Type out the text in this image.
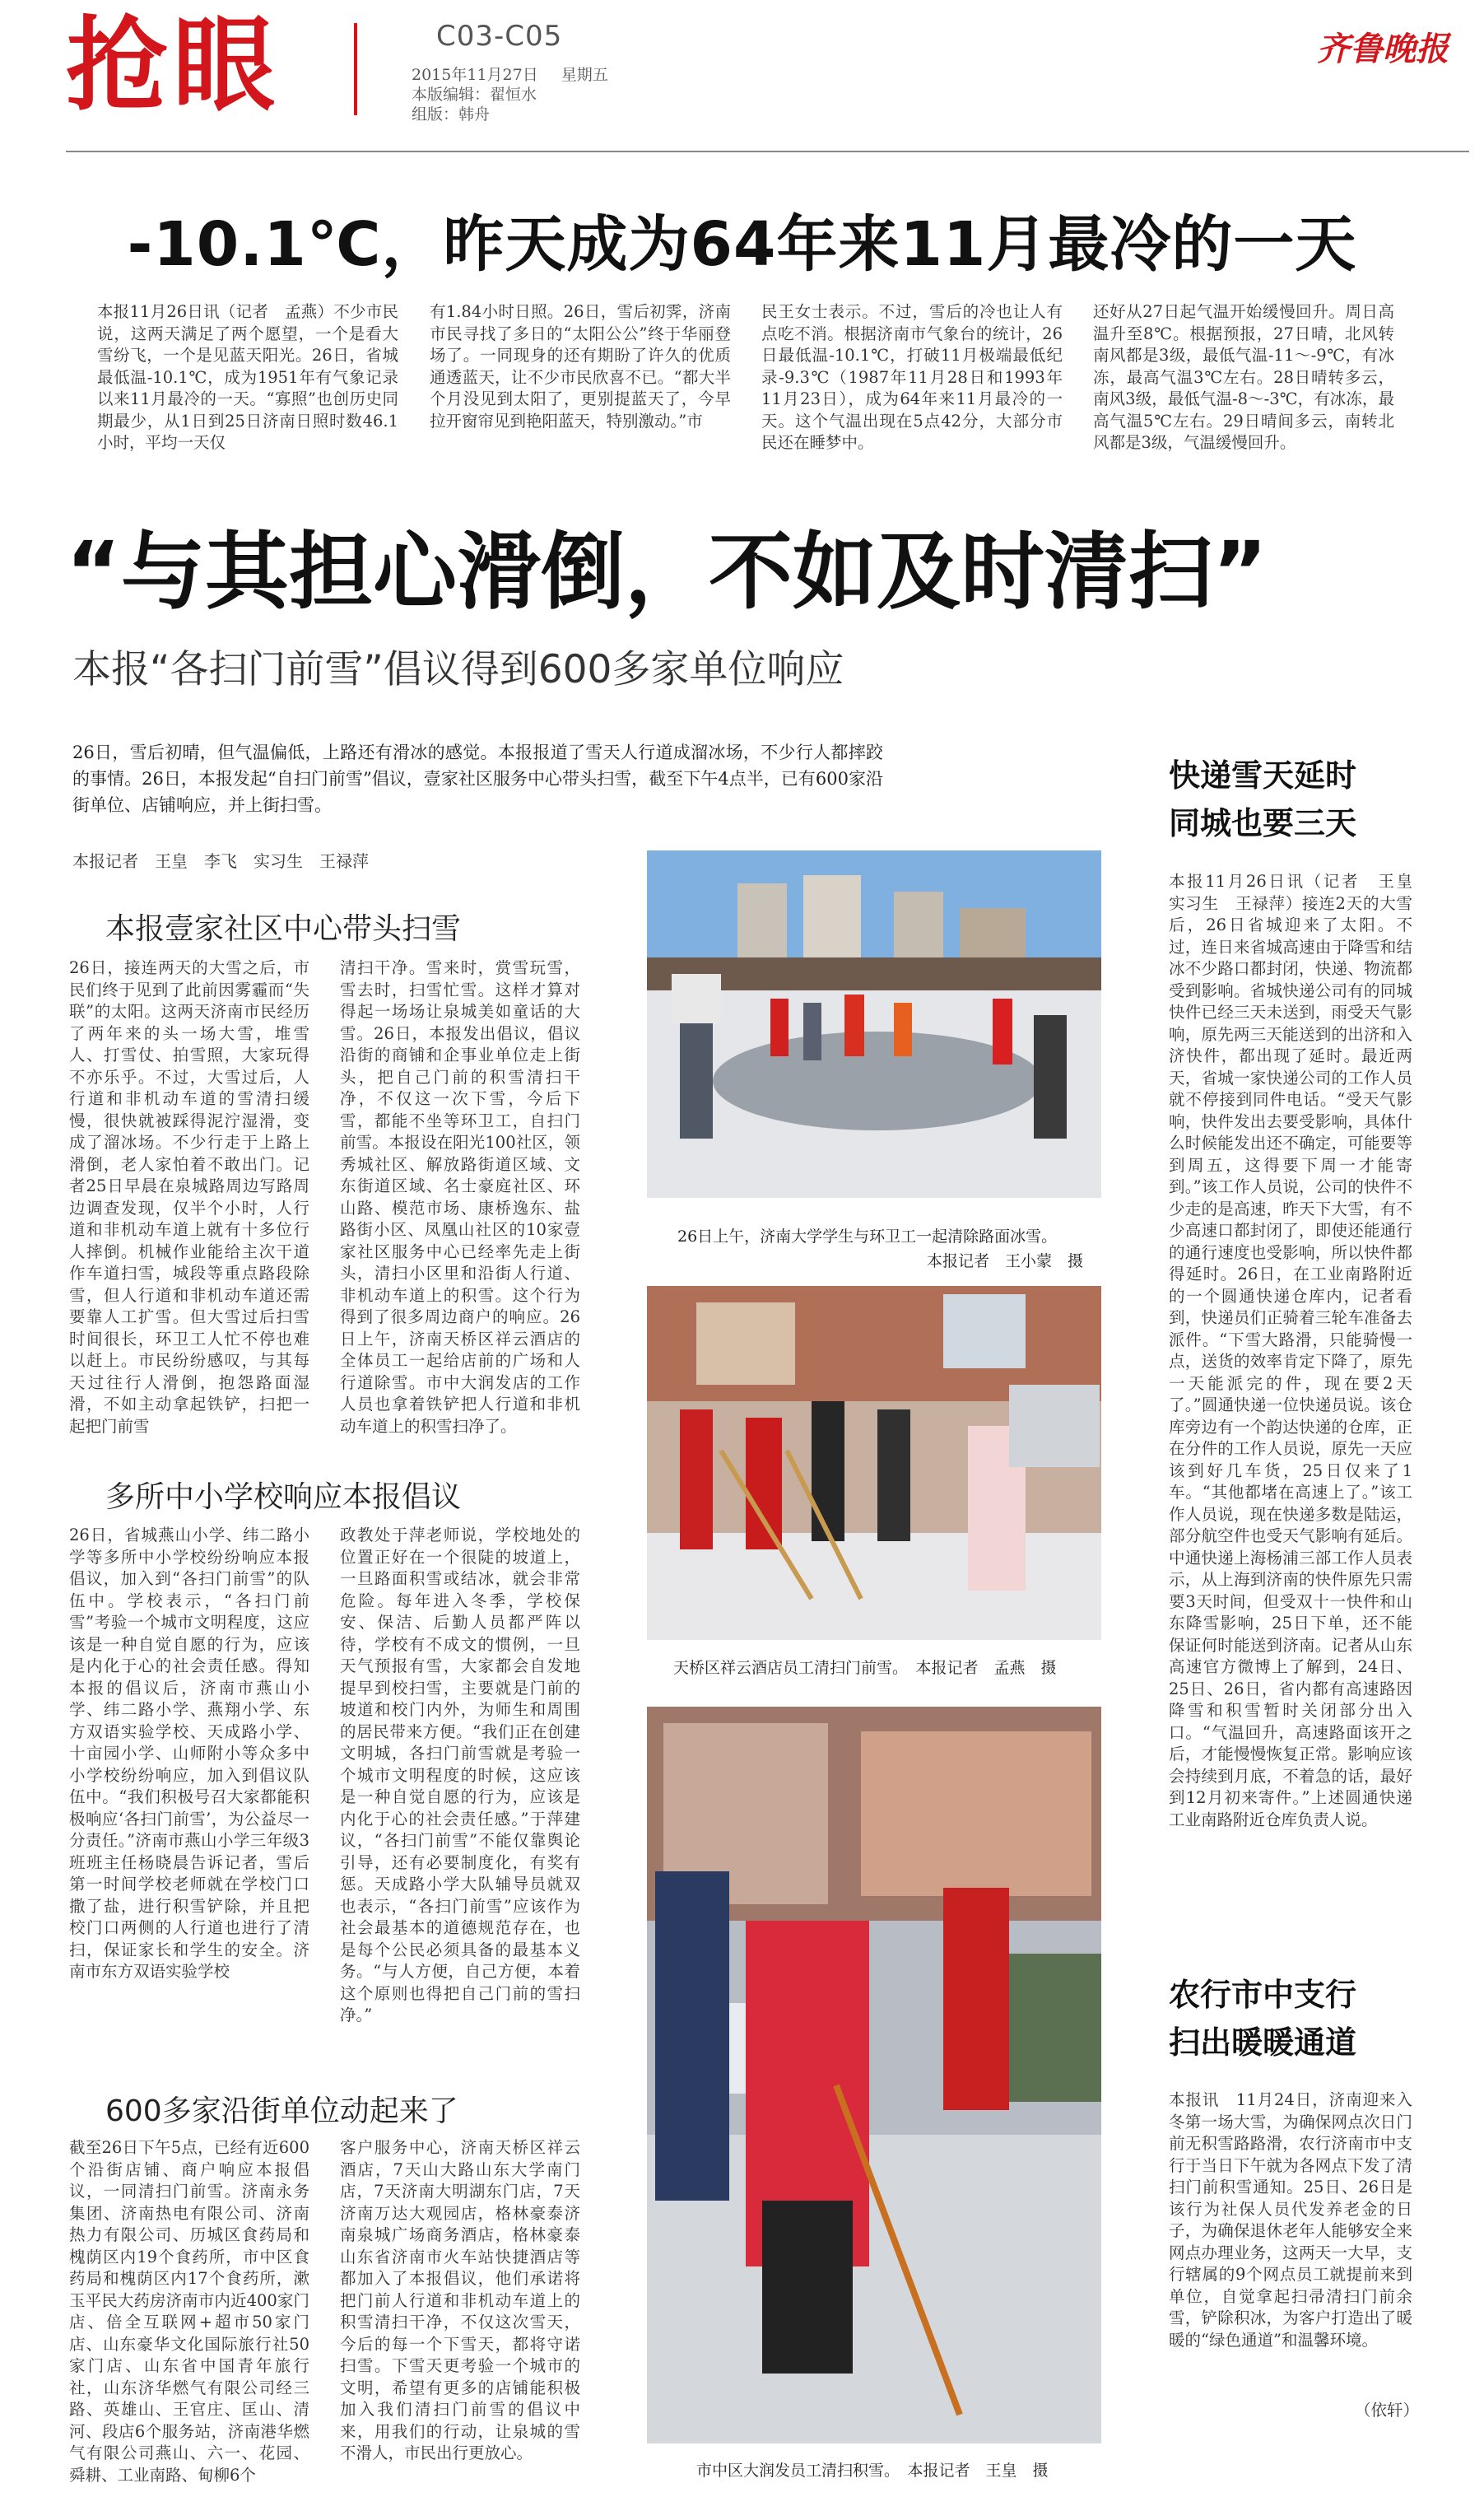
抢眼	C03-C05
2015年11月27日 星期五
本版编辑：翟恒水
组版：韩舟
齐鲁晚报
-10.1℃，昨天成为64年来11月最冷的一天
本报11月26日讯（记者　孟燕）不少市民说，这两天满足了两个愿望，一个是看大雪纷飞，一个是见蓝天阳光。26日，省城最低温-10.1℃，成为1951年有气象记录以来11月最冷的一天。“寡照”也创历史同期最少，从1日到25日济南日照时数46.1小时，平均一天仅
有1.84小时日照。26日，雪后初霁，济南市民寻找了多日的“太阳公公”终于华丽登场了。一同现身的还有期盼了许久的优质通透蓝天，让不少市民欣喜不已。“都大半个月没见到太阳了，更别提蓝天了，今早拉开窗帘见到艳阳蓝天，特别激动。”市
民王女士表示。不过，雪后的冷也让人有点吃不消。根据济南市气象台的统计，26日最低温-10.1℃，打破11月极端最低纪录-9.3℃（1987年11月28日和1993年11月23日），成为64年来11月最冷的一天。这个气温出现在5点42分，大部分市民还在睡梦中。
还好从27日起气温开始缓慢回升。周日高温升至8℃。根据预报，27日晴，北风转南风都是3级，最低气温-11～-9℃，有冰冻，最高气温3℃左右。28日晴转多云，南风3级，最低气温-8～-3℃，有冰冻，最高气温5℃左右。29日晴间多云，南转北风都是3级，气温缓慢回升。
“与其担心滑倒，不如及时清扫”
本报“各扫门前雪”倡议得到600多家单位响应
26日，雪后初晴，但气温偏低，上路还有滑冰的感觉。本报报道了雪天人行道成溜冰场，不少行人都摔跤的事情。26日，本报发起“自扫门前雪”倡议，壹家社区服务中心带头扫雪，截至下午4点半，已有600家沿街单位、店铺响应，并上街扫雪。
本报记者　王皇　李飞　实习生　王禄萍
本报壹家社区中心带头扫雪
26日，接连两天的大雪之后，市民们终于见到了此前因雾霾而“失联”的太阳。这两天济南市民经历了两年来的头一场大雪，堆雪人、打雪仗、拍雪照，大家玩得不亦乐乎。不过，大雪过后，人行道和非机动车道的雪清扫缓慢，很快就被踩得泥泞湿滑，变成了溜冰场。不少行走于上路上滑倒，老人家怕着不敢出门。记者25日早晨在泉城路周边写路周边调查发现，仅半个小时，人行道和非机动车道上就有十多位行人摔倒。机械作业能给主次干道作车道扫雪，城段等重点路段除雪，但人行道和非机动车道还需要靠人工扩雪。但大雪过后扫雪时间很长，环卫工人忙不停也难以赶上。市民纷纷感叹，与其每天过往行人滑倒，抱怨路面湿滑，不如主动拿起铁铲，扫把一起把门前雪
清扫干净。雪来时，赏雪玩雪，雪去时，扫雪忙雪。这样才算对得起一场场让泉城美如童话的大雪。26日，本报发出倡议，倡议沿街的商铺和企事业单位走上街头，把自己门前的积雪清扫干净，不仅这一次下雪，今后下雪，都能不坐等环卫工，自扫门前雪。本报设在阳光100社区，领秀城社区、解放路街道区域、文东街道区域、名士豪庭社区、环山路、模范市场、康桥逸东、盐路街小区、凤凰山社区的10家壹家社区服务中心已经率先走上街头，清扫小区里和沿街人行道、非机动车道上的积雪。这个行为得到了很多周边商户的响应。26日上午，济南天桥区祥云酒店的全体员工一起给店前的广场和人行道除雪。市中大润发店的工作人员也拿着铁铲把人行道和非机动车道上的积雪扫净了。
多所中小学校响应本报倡议
26日，省城燕山小学、纬二路小学等多所中小学校纷纷响应本报倡议，加入到“各扫门前雪”的队伍中。学校表示，“各扫门前雪”考验一个城市文明程度，这应该是一种自觉自愿的行为，应该是内化于心的社会责任感。得知本报的倡议后，济南市燕山小学、纬二路小学、燕翔小学、东方双语实验学校、天成路小学、十亩园小学、山师附小等众多中小学校纷纷响应，加入到倡议队伍中。“我们积极号召大家都能积极响应‘各扫门前雪’，为公益尽一分责任。”济南市燕山小学三年级3班班主任杨晓晨告诉记者，雪后第一时间学校老师就在学校门口撒了盐，进行积雪铲除，并且把校门口两侧的人行道也进行了清扫，保证家长和学生的安全。济南市东方双语实验学校
政教处于萍老师说，学校地处的位置正好在一个很陡的坡道上，一旦路面积雪或结冰，就会非常危险。每年进入冬季，学校保安、保洁、后勤人员都严阵以待，学校有不成文的惯例，一旦天气预报有雪，大家都会自发地提早到校扫雪，主要就是门前的坡道和校门内外，为师生和周围的居民带来方便。“我们正在创建文明城，各扫门前雪就是考验一个城市文明程度的时候，这应该是一种自觉自愿的行为，应该是内化于心的社会责任感。”于萍建议，“各扫门前雪”不能仅靠舆论引导，还有必要制度化，有奖有惩。天成路小学大队辅导员就双也表示，“各扫门前雪”应该作为社会最基本的道德规范存在，也是每个公民必须具备的最基本义务。“与人方便，自己方便，本着这个原则也得把自己门前的雪扫净。”
600多家沿街单位动起来了
截至26日下午5点，已经有近600个沿街店铺、商户响应本报倡议，一同清扫门前雪。济南永务集团、济南热电有限公司、济南热力有限公司、历城区食药局和槐荫区内19个食药所，市中区食药局和槐荫区内17个食药所，漱玉平民大药房济南市内近400家门店、倍全互联网+超市50家门店、山东豪华文化国际旅行社50家门店、山东省中国青年旅行社，山东济华燃气有限公司经三路、英雄山、王官庄、匡山、清河、段店6个服务站，济南港华燃气有限公司燕山、六一、花园、舜耕、工业南路、甸柳6个
客户服务中心，济南天桥区祥云酒店，7天山大路山东大学南门店，7天济南大明湖东门店，7天济南万达大观园店，格林豪泰济南泉城广场商务酒店，格林豪泰山东省济南市火车站快捷酒店等都加入了本报倡议，他们承诺将把门前人行道和非机动车道上的积雪清扫干净，不仅这次雪天，今后的每一个下雪天，都将守诺扫雪。下雪天更考验一个城市的文明，希望有更多的店铺能积极加入我们清扫门前雪的倡议中来，用我们的行动，让泉城的雪不滑人，市民出行更放心。
26日上午，济南大学学生与环卫工一起清除路面冰雪。
本报记者　王小蒙　摄
天桥区祥云酒店员工清扫门前雪。　本报记者　孟燕　摄
市中区大润发员工清扫积雪。　本报记者　王皇　摄
快递雪天延时
同城也要三天
本报11月26日讯（记者　王皇　实习生　王禄萍）接连2天的大雪后，26日省城迎来了太阳。不过，连日来省城高速由于降雪和结冰不少路口都封闭，快递、物流都受到影响。省城快递公司有的同城快件已经三天未送到，雨受天气影响，原先两三天能送到的出济和入济快件，都出现了延时。最近两天，省城一家快递公司的工作人员就不停接到同件电话。“受天气影响，快件发出去要受影响，具体什么时候能发出还不确定，可能要等到周五，这得要下周一才能寄到。”该工作人员说，公司的快件不少走的是高速，昨天下大雪，有不少高速口都封闭了，即使还能通行的通行速度也受影响，所以快件都得延时。26日，在工业南路附近的一个圆通快递仓库内，记者看到，快递员们正骑着三轮车准备去派件。“下雪大路滑，只能骑慢一点，送货的效率肯定下降了，原先一天能派完的件，现在要2天了。”圆通快递一位快递员说。该仓库旁边有一个韵达快递的仓库，正在分件的工作人员说，原先一天应该到好几车货，25日仅来了1车。“其他都堵在高速上了。”该工作人员说，现在快递多数是陆运，部分航空件也受天气影响有延后。中通快递上海杨浦三部工作人员表示，从上海到济南的快件原先只需要3天时间，但受双十一快件和山东降雪影响，25日下单，还不能保证何时能送到济南。记者从山东高速官方微博上了解到，24日、25日、26日，省内都有高速路因降雪和积雪暂时关闭部分出入口。“气温回升，高速路面该开之后，才能慢慢恢复正常。影响应该会持续到月底，不着急的话，最好到12月初来寄件。”上述圆通快递工业南路附近仓库负责人说。
农行市中支行
扫出暖暖通道
本报讯　11月24日，济南迎来入冬第一场大雪，为确保网点次日门前无积雪路路滑，农行济南市中支行于当日下午就为各网点下发了清扫门前积雪通知。25日、26日是该行为社保人员代发养老金的日子，为确保退休老年人能够安全来网点办理业务，这两天一大早，支行辖属的9个网点员工就提前来到单位，自觉拿起扫帚清扫门前余雪，铲除积冰，为客户打造出了暖暖的“绿色通道”和温馨环境。
（依轩）
